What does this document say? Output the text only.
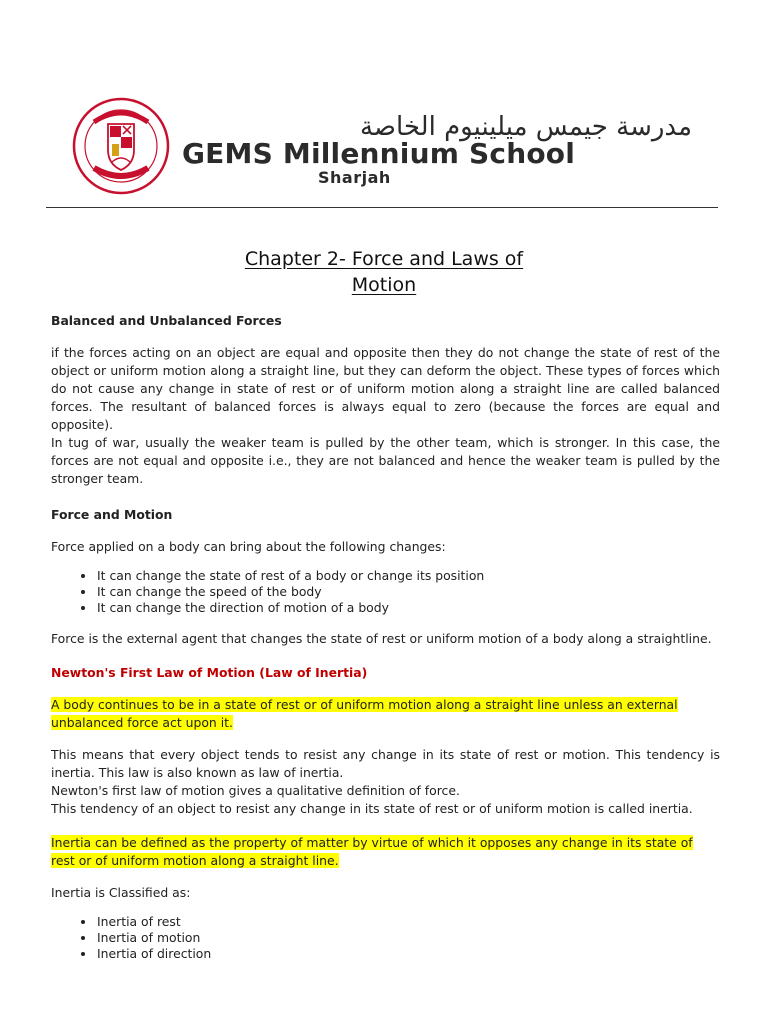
مدرسة جيمس ميلينيوم الخاصة
GEMS Millennium School
Sharjah
Chapter 2- Force and Laws of
Motion

Balanced and Unbalanced Forces

if the forces acting on an object are equal and opposite then they do not change the state of rest of the object or uniform motion along a straight line, but they can deform the object. These types of forces which do not cause any change in state of rest or of uniform motion along a straight line are called balanced forces. The resultant of balanced forces is always equal to zero (because the forces are equal and opposite).

In tug of war, usually the weaker team is pulled by the other team, which is stronger. In this case, the forces are not equal and opposite i.e., they are not balanced and hence the weaker team is pulled by the stronger team.

Force and Motion

Force applied on a body can bring about the following changes:

• It can change the state of rest of a body or change its position
• It can change the speed of the body
• It can change the direction of motion of a body

Force is the external agent that changes the state of rest or uniform motion of a body along a straightline.

Newton's First Law of Motion (Law of Inertia)

A body continues to be in a state of rest or of uniform motion along a straight line unless an external unbalanced force act upon it.

This means that every object tends to resist any change in its state of rest or motion. This tendency is inertia. This law is also known as law of inertia.

Newton's first law of motion gives a qualitative definition of force.

This tendency of an object to resist any change in its state of rest or of uniform motion is called inertia.

Inertia can be defined as the property of matter by virtue of which it opposes any change in its state of rest or of uniform motion along a straight line.

Inertia is Classified as:

• Inertia of rest
• Inertia of motion
• Inertia of direction
